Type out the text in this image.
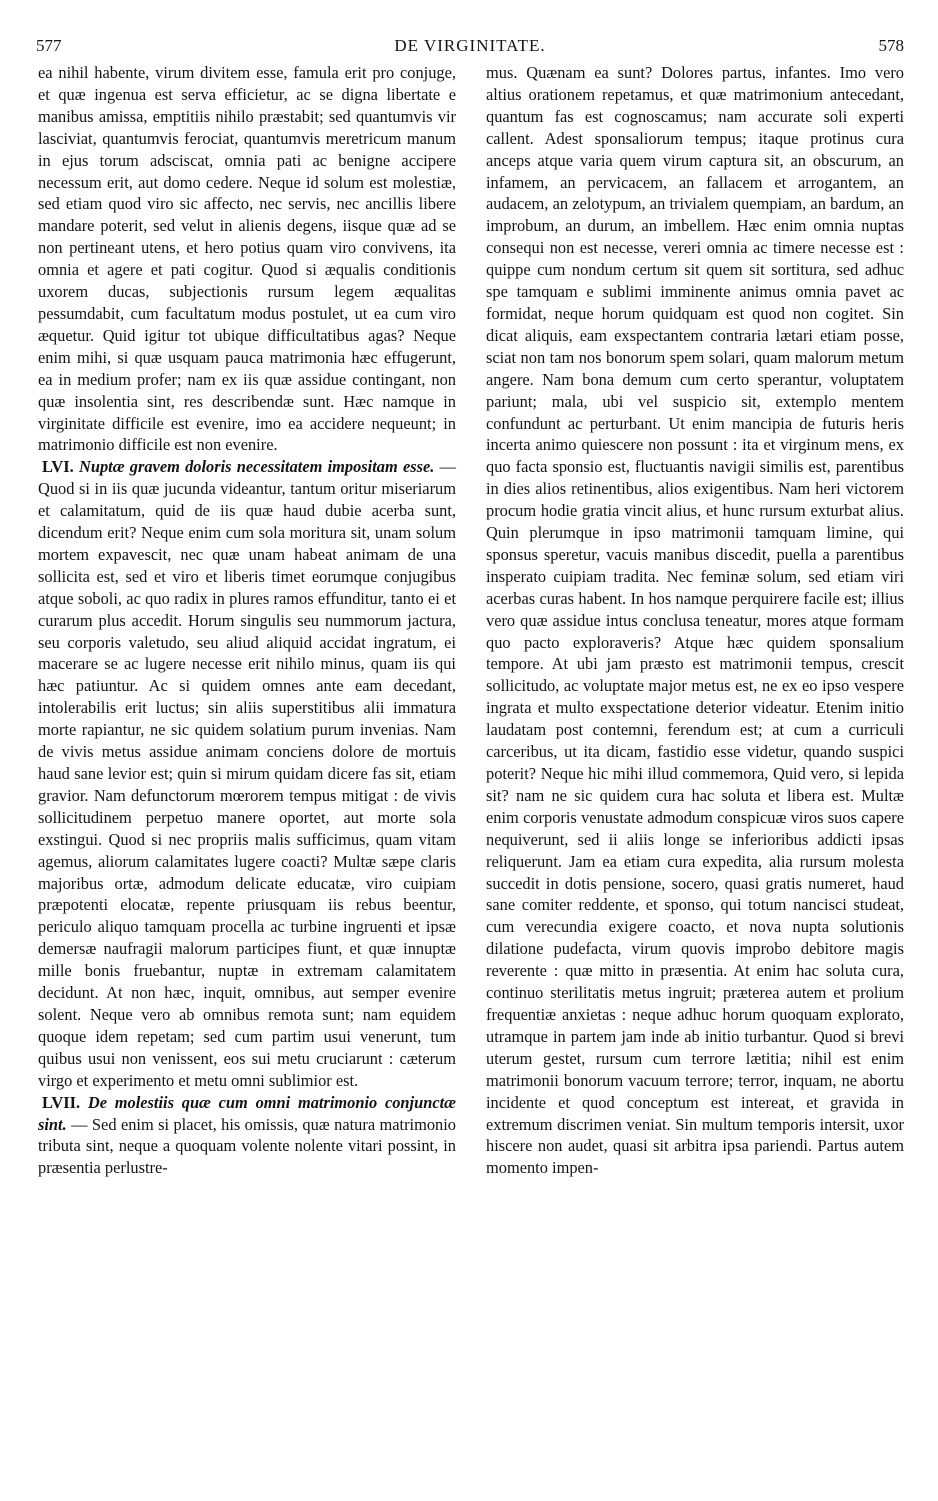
577	DE VIRGINITATE.	578

ea nihil habente, virum divitem esse, famula erit pro conjuge, et quæ ingenua est serva efficietur, ac se digna libertate e manibus amissa, emptitiis nihilo præstabit; sed quantumvis vir lasciviat, quantumvis ferociat, quantumvis meretricum manum in ejus torum adsciscat, omnia pati ac benigne accipere necessum erit, aut domo cedere. Neque id solum est molestiæ, sed etiam quod viro sic affecto, nec servis, nec ancillis libere mandare poterit, sed velut in alienis degens, iisque quæ ad se non pertineant utens, et hero potius quam viro convivens, ita omnia et agere et pati cogitur. Quod si æqualis conditionis uxorem ducas, subjectionis rursum legem æqualitas pessumdabit, cum facultatum modus postulet, ut ea cum viro æquetur. Quid igitur tot ubique difficultatibus agas? Neque enim mihi, si quæ usquam pauca matrimonia hæc effugerunt, ea in medium profer; nam ex iis quæ assidue contingant, non quæ insolentia sint, res describendæ sunt. Hæc namque in virginitate difficile est evenire, imo ea accidere nequeunt; in matrimonio difficile est non evenire.

LVI. Nuptæ gravem doloris necessitatem impositam esse. — Quod si in iis quæ jucunda videantur, tantum oritur miseriarum et calamitatum, quid de iis quæ haud dubie acerba sunt, dicendum erit? Neque enim cum sola moritura sit, unam solum mortem expavescit, nec quæ unam habeat animam de una sollicita est, sed et viro et liberis timet eorumque conjugibus atque soboli, ac quo radix in plures ramos effunditur, tanto ei et curarum plus accedit. Horum singulis seu nummorum jactura, seu corporis valetudo, seu aliud aliquid accidat ingratum, ei macerare se ac lugere necesse erit nihilo minus, quam iis qui hæc patiuntur. Ac si quidem omnes ante eam decedant, intolerabilis erit luctus; sin aliis superstitibus alii immatura morte rapiantur, ne sic quidem solatium purum invenias. Nam de vivis metus assidue animam conciens dolore de mortuis haud sane levior est; quin si mirum quidam dicere fas sit, etiam gravior. Nam defunctorum mœrorem tempus mitigat : de vivis sollicitudinem perpetuo manere oportet, aut morte sola exstingui. Quod si nec propriis malis sufficimus, quam vitam agemus, aliorum calamitates lugere coacti? Multæ sæpe claris majoribus ortæ, admodum delicate educatæ, viro cuipiam præpotenti elocatæ, repente priusquam iis rebus beentur, periculo aliquo tamquam procella ac turbine ingruenti et ipsæ demersæ naufragii malorum participes fiunt, et quæ innuptæ mille bonis fruebantur, nuptæ in extremam calamitatem decidunt. At non hæc, inquit, omnibus, aut semper evenire solent. Neque vero ab omnibus remota sunt; nam equidem quoque idem repetam; sed cum partim usui venerunt, tum quibus usui non venissent, eos sui metu cruciarunt : cæterum virgo et experimento et metu omni sublimior est.

LVII. De molestiis quæ cum omni matrimonio conjunctæ sint. — Sed enim si placet, his omissis, quæ natura matrimonio tributa sint, neque a quoquam volente nolente vitari possint, in præsentia perlustre-

mus. Quænam ea sunt? Dolores partus, infantes. Imo vero altius orationem repetamus, et quæ matrimonium antecedant, quantum fas est cognoscamus; nam accurate soli experti callent. Adest sponsaliorum tempus; itaque protinus cura anceps atque varia quem virum captura sit, an obscurum, an infamem, an pervicacem, an fallacem et arrogantem, an audacem, an zelotypum, an trivialem quempiam, an bardum, an improbum, an durum, an imbellem. Hæc enim omnia nuptas consequi non est necesse, vereri omnia ac timere necesse est : quippe cum nondum certum sit quem sit sortitura, sed adhuc spe tamquam e sublimi imminente animus omnia pavet ac formidat, neque horum quidquam est quod non cogitet. Sin dicat aliquis, eam exspectantem contraria lætari etiam posse, sciat non tam nos bonorum spem solari, quam malorum metum angere. Nam bona demum cum certo sperantur, voluptatem pariunt; mala, ubi vel suspicio sit, extemplo mentem confundunt ac perturbant. Ut enim mancipia de futuris heris incerta animo quiescere non possunt : ita et virginum mens, ex quo facta sponsio est, fluctuantis navigii similis est, parentibus in dies alios retinentibus, alios exigentibus. Nam heri victorem procum hodie gratia vincit alius, et hunc rursum exturbat alius. Quin plerumque in ipso matrimonii tamquam limine, qui sponsus speretur, vacuis manibus discedit, puella a parentibus insperato cuipiam tradita. Nec feminæ solum, sed etiam viri acerbas curas habent. In hos namque perquirere facile est; illius vero quæ assidue intus conclusa teneatur, mores atque formam quo pacto exploraveris? Atque hæc quidem sponsalium tempore. At ubi jam præsto est matrimonii tempus, crescit sollicitudo, ac voluptate major metus est, ne ex eo ipso vespere ingrata et multo exspectatione deterior videatur. Etenim initio laudatam post contemni, ferendum est; at cum a curriculi carceribus, ut ita dicam, fastidio esse videtur, quando suspici poterit? Neque hic mihi illud commemora, Quid vero, si lepida sit? nam ne sic quidem cura hac soluta et libera est. Multæ enim corporis venustate admodum conspicuæ viros suos capere nequiverunt, sed ii aliis longe se inferioribus addicti ipsas reliquerunt. Jam ea etiam cura expedita, alia rursum molesta succedit in dotis pensione, socero, quasi gratis numeret, haud sane comiter reddente, et sponso, qui totum nancisci studeat, cum verecundia exigere coacto, et nova nupta solutionis dilatione pudefacta, virum quovis improbo debitore magis reverente : quæ mitto in præsentia. At enim hac soluta cura, continuo sterilitatis metus ingruit; præterea autem et prolium frequentiæ anxietas : neque adhuc horum quoquam explorato, utramque in partem jam inde ab initio turbantur. Quod si brevi uterum gestet, rursum cum terrore lætitia; nihil est enim matrimonii bonorum vacuum terrore; terror, inquam, ne abortu incidente et quod conceptum est intereat, et gravida in extremum discrimen veniat. Sin multum temporis intersit, uxor hiscere non audet, quasi sit arbitra ipsa pariendi. Partus autem momento impen-
